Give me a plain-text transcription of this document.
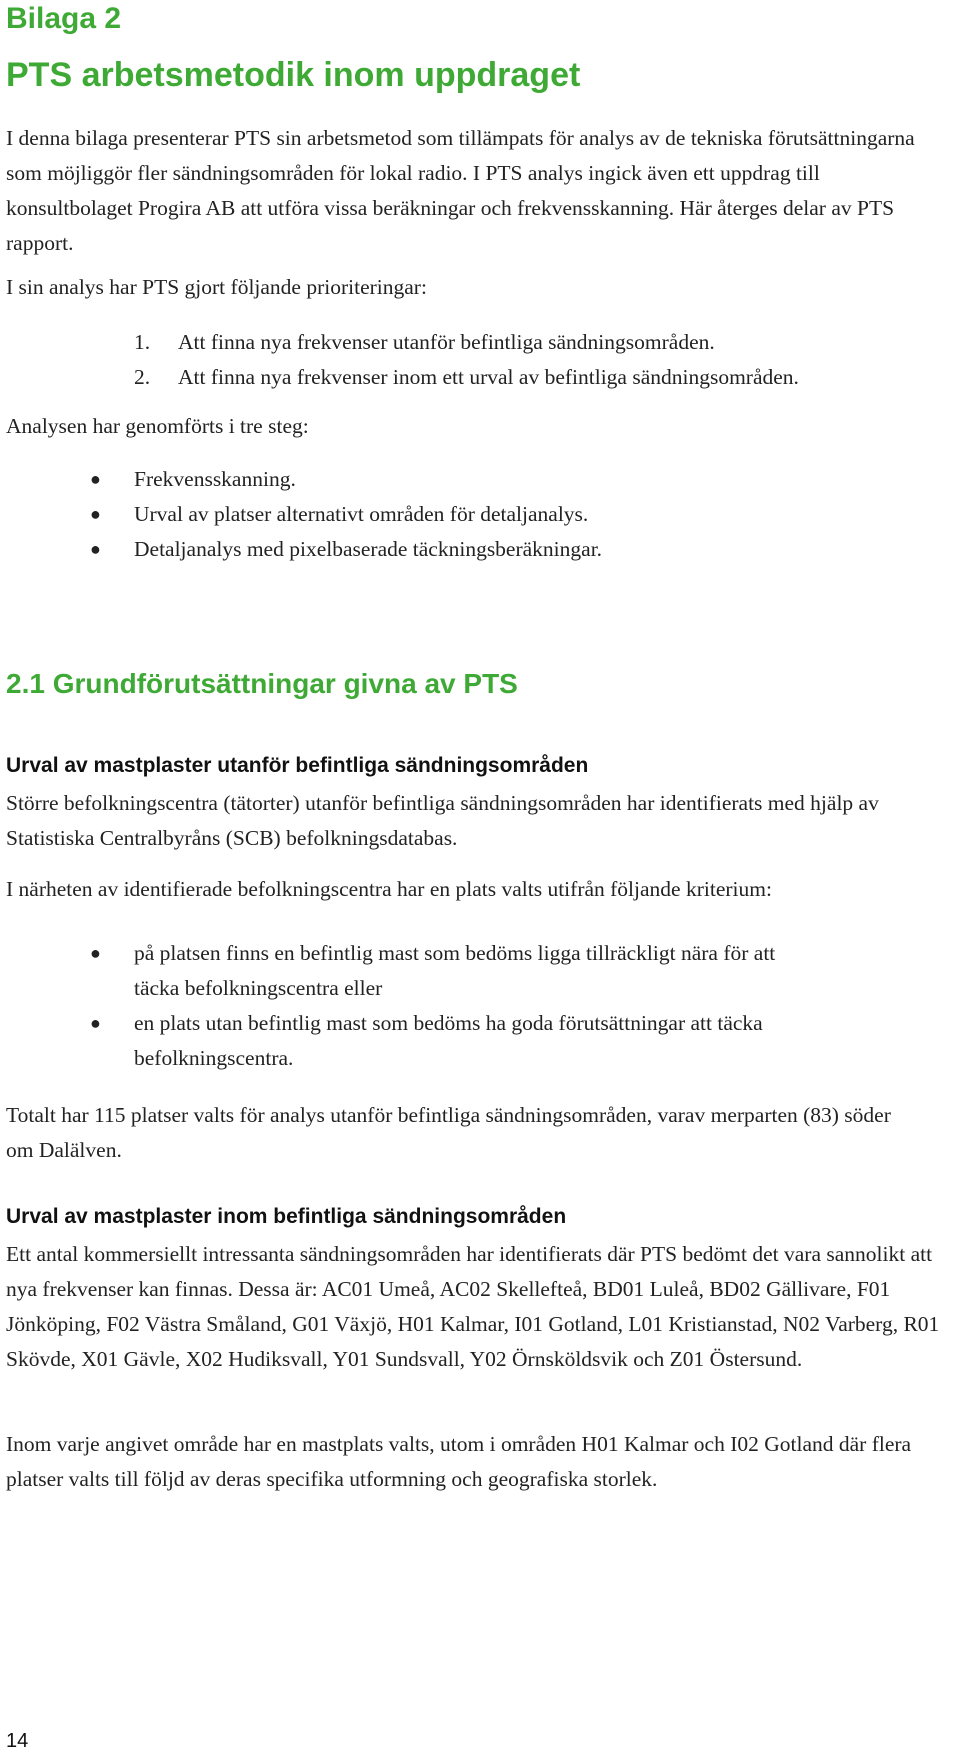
Bilaga 2
PTS arbetsmetodik inom uppdraget

I denna bilaga presenterar PTS sin arbetsmetod som tillämpats för analys av de tekniska förutsättningarna som möjliggör fler sändningsområden för lokal radio. I PTS analys ingick även ett uppdrag till konsultbolaget Progira AB att utföra vissa beräkningar och frekvensskanning. Här återges delar av PTS rapport.

I sin analys har PTS gjort följande prioriteringar:

1. Att finna nya frekvenser utanför befintliga sändningsområden.
2. Att finna nya frekvenser inom ett urval av befintliga sändningsområden.

Analysen har genomförts i tre steg:

● Frekvensskanning.
● Urval av platser alternativt områden för detaljanalys.
● Detaljanalys med pixelbaserade täckningsberäkningar.
2.1 Grundförutsättningar givna av PTS
Urval av mastplaster utanför befintliga sändningsområden

Större befolkningscentra (tätorter) utanför befintliga sändningsområden har identifierats med hjälp av Statistiska Centralbyråns (SCB) befolkningsdatabas.

I närheten av identifierade befolkningscentra har en plats valts utifrån följande kriterium:

● på platsen finns en befintlig mast som bedöms ligga tillräckligt nära för att täcka befolkningscentra eller
● en plats utan befintlig mast som bedöms ha goda förutsättningar att täcka befolkningscentra.

Totalt har 115 platser valts för analys utanför befintliga sändningsområden, varav merparten (83) söder om Dalälven.

Urval av mastplaster inom befintliga sändningsområden

Ett antal kommersiellt intressanta sändningsområden har identifierats där PTS bedömt det vara sannolikt att nya frekvenser kan finnas. Dessa är: AC01 Umeå, AC02 Skellefteå, BD01 Luleå, BD02 Gällivare, F01 Jönköping, F02 Västra Småland, G01 Växjö, H01 Kalmar, I01 Gotland, L01 Kristianstad, N02 Varberg, R01 Skövde, X01 Gävle, X02 Hudiksvall, Y01 Sundsvall, Y02 Örnsköldsvik och Z01 Östersund.

Inom varje angivet område har en mastplats valts, utom i områden H01 Kalmar och I02 Gotland där flera platser valts till följd av deras specifika utformning och geografiska storlek.

14
